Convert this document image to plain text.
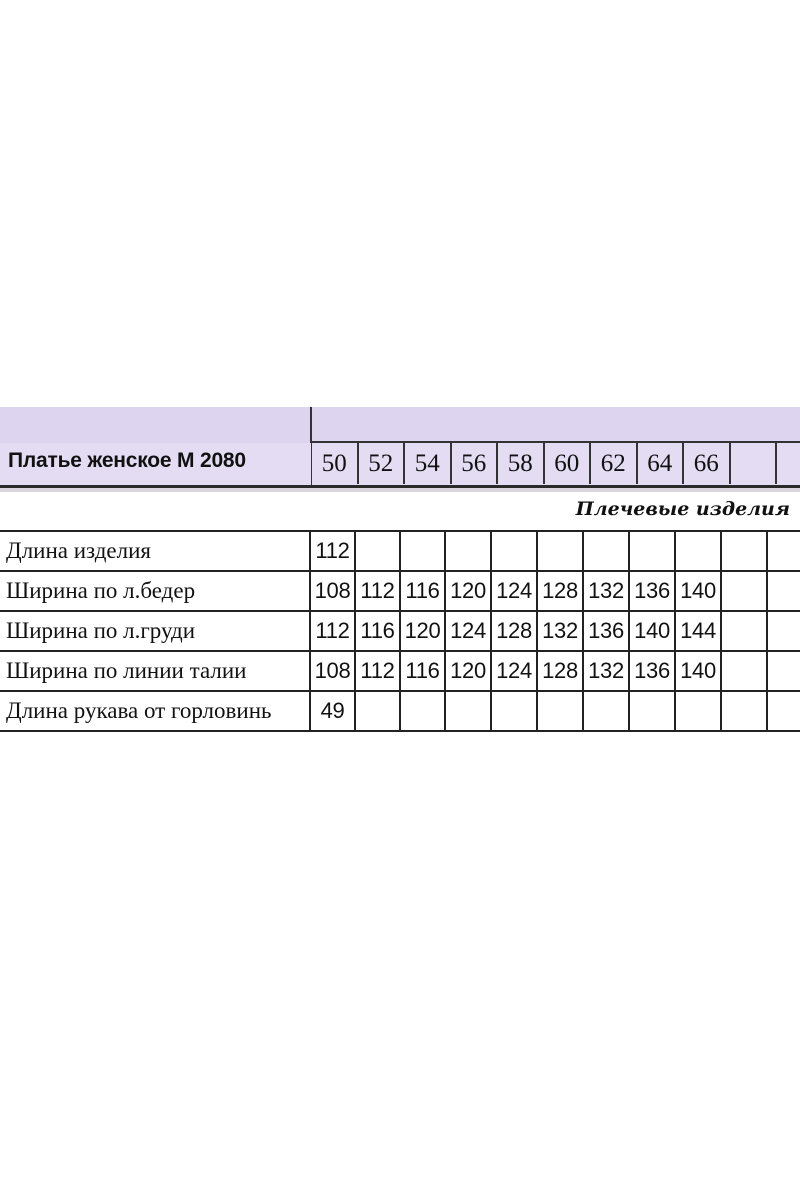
Платье женское М 2080	50 52 54 56 58 60 62 64 66
Плечевые изделия
Длина изделия	112										
Ширина по л.бедер	108	112	116	120	124	128	132	136	140		
Ширина по л.груди	112	116	120	124	128	132	136	140	144		
Ширина по линии талии	108	112	116	120	124	128	132	136	140		
Длина рукава от горловинь	49										
